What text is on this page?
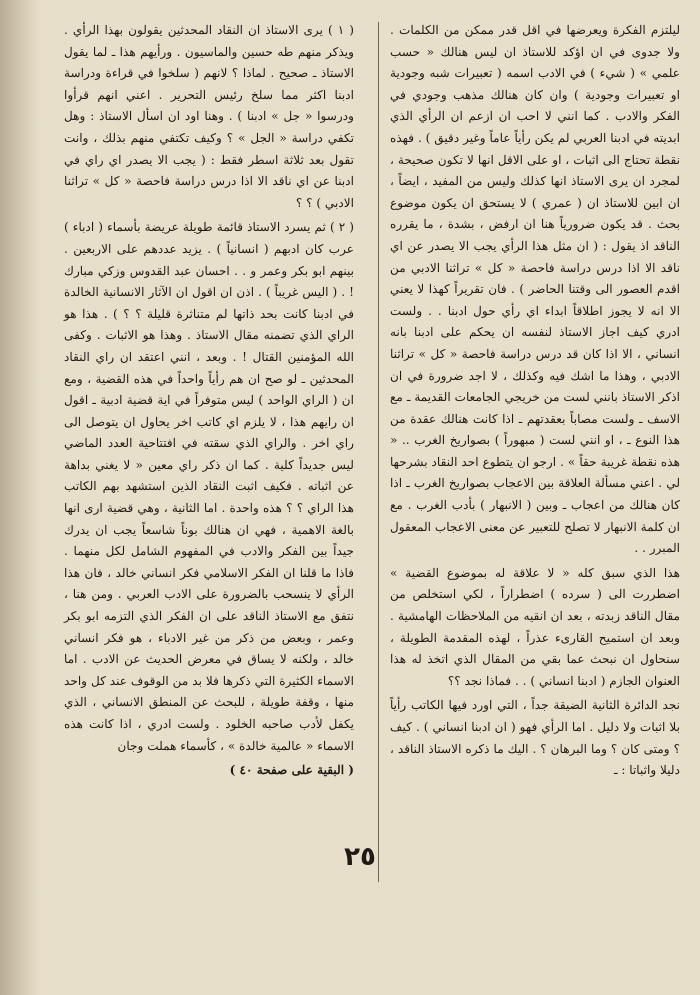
ليلتزم الفكرة ويعرضها في اقل قدر ممكن من الكلمات . ولا جدوى في ان اؤكد للاستاذ ان ليس هنالك « حسب علمي » ( شيء ) في الادب اسمه ( تعبيرات شبه وجودية او تعبيرات وجودية ) وان كان هنالك مذهب وجودي في الفكر والادب . كما انني لا احب ان ازعم ان الرأي الذي ابديته في ادبنا العربي لم يكن رأياً عاماً وغير دقيق ) . فهذه نقطة تحتاج الى اثبات ، او على الاقل انها لا تكون صحيحة ، لمجرد ان يرى الاستاذ انها كذلك وليس من المفيد ، ايضاً ، ان ابين للاستاذ ان ( عمري ) لا يستحق ان يكون موضوع بحث . قد يكون ضرورياً هنا ان ارفض ، بشدة ، ما يقرره الناقد اذ يقول : ( ان مثل هذا الرأي يجب الا يصدر عن اي ناقد الا اذا درس دراسة فاحصة « كل » تراثنا الادبي من اقدم العصور الى وقتنا الحاضر ) . فان تقريراً كهذا لا يعني الا انه لا يجوز اطلاقاً ابداء اي رأي حول ادبنا . . ولست ادري كيف اجاز الاستاذ لنفسه ان يحكم على ادبنا بانه انساني ، الا اذا كان قد درس دراسة فاحصة « كل » تراثنا الادبي ، وهذا ما اشك فيه وكذلك ، لا اجد ضرورة في ان اذكر الاستاذ بانني لست من خريجي الجامعات القديمة ـ مع الاسف ـ ولست مصاباً بعقدتهم ـ اذا كانت هنالك عقدة من هذا النوع ـ ، او انني لست ( مبهوراً ) بصواريخ الغرب .. « هذه نقطة غريبة حقاً » . ارجو ان يتطوع احد النقاد بشرحها لي . اعني مسألة العلاقة بين الاعجاب بصواريخ الغرب ـ اذا كان هنالك من اعجاب ـ وبين ( الانبهار ) بأدب الغرب . مع ان كلمة الانبهار لا تصلح للتعبير عن معنى الاعجاب المعقول المبرر . .

هذا الذي سبق كله « لا علاقة له بموضوع القضية » اضطررت الى ( سرده ) اضطراراً ، لكي استخلص من مقال الناقد زبدته ، بعد ان انقيه من الملاحظات الهامشية . وبعد ان استميح القارىء عذراً ، لهذه المقدمة الطويلة ، سنحاول ان نبحث عما بقي من المقال الذي اتخذ له هذا العنوان الجازم ( ادبنا انساني ) . . فماذا نجد ؟؟

نجد الدائرة الثانية الضيقة جداً ، التي اورد فيها الكاتب رأياً بلا اثبات ولا دليل . اما الرأي فهو ( ان ادبنا انساني ) . كيف ؟ ومتى كان ؟ وما البرهان ؟ . اليك ما ذكره الاستاذ الناقد ، دليلا واثباتا : ـ

( ١ ) يرى الاستاذ ان النقاد المحدثين يقولون بهذا الرأي . ويذكر منهم طه حسين والماسيون . ورأيهم هذا ـ لما يقول الاستاذ ـ صحيح . لماذا ؟ لانهم ( سلخوا في قراءة ودراسة ادبنا اكثر مما سلخ رئيس التحرير . اعني انهم قرأوا ودرسوا « جل » ادبنا ) . وهنا اود ان اسأل الاستاذ : وهل تكفي دراسة « الجل » ؟ وكيف تكتفي منهم بذلك ، وانت تقول بعد ثلاثة اسطر فقط : ( يجب الا يصدر اي راي في ادبنا عن اي ناقد الا اذا درس دراسة فاحصة « كل » تراثنا الادبي ) ؟ ؟

( ٢ ) ثم يسرد الاستاذ قائمة طويلة عريضة بأسماء ( ادباء ) عرب كان ادبهم ( انسانياً ) . يزيد عددهم على الاربعين . بينهم ابو بكر وعمر و . . احسان عبد القدوس وزكي مبارك ! . ( اليس غريباً ) . اذن ان اقول ان الآثار الانسانية الخالدة في ادبنا كانت بحد ذاتها لم متناثرة قليلة ؟ ؟ ) . هذا هو الراي الذي تضمنه مقال الاستاذ . وهذا هو الاثبات . وكفى الله المؤمنين القتال ! . وبعد ، انني اعتقد ان راي النقاد المحدثين ـ لو صح ان هم رأياً واحداً في هذه القضية ، ومع ان ( الراي الواحد ) ليس متوفراً في اية قضية ادبية ـ اقول ان رايهم هذا ، لا يلزم اي كاتب اخر يحاول ان يتوصل الى راي اخر . والراي الذي سقته في افتتاحية العدد الماضي ليس جديداً كلية . كما ان ذكر راي معين « لا يغني بداهة عن اثباته . فكيف اثبت النقاد الذين استشهد بهم الكاتب هذا الراي ؟ ؟ هذه واحدة . اما الثانية ، وهي قضية ارى انها بالغة الاهمية ، فهي ان هنالك بوناً شاسعاً يجب ان يدرك جيداً بين الفكر والادب في المفهوم الشامل لكل منهما . فاذا ما قلنا ان الفكر الاسلامي فكر انساني خالد ، فان هذا الرأي لا ينسحب بالضرورة على الادب العربي . ومن هنا ، نتفق مع الاستاذ الناقد على ان الفكر الذي التزمه ابو بكر وعمر ، وبعض من ذكر من غير الادباء ، هو فكر انساني خالد ، ولكنه لا يساق في معرض الحديث عن الادب . اما الاسماء الكثيرة التي ذكرها فلا بد من الوقوف عند كل واحد منها ، وقفة طويلة ، للبحث عن المنطق الانساني ، الذي يكفل لأدب صاحبه الخلود . ولست ادري ، اذا كانت هذه الاسماء « عالمية خالدة » ، كأسماء هملت وجان

( البقية على صفحة ٤٠ )
٢٥
